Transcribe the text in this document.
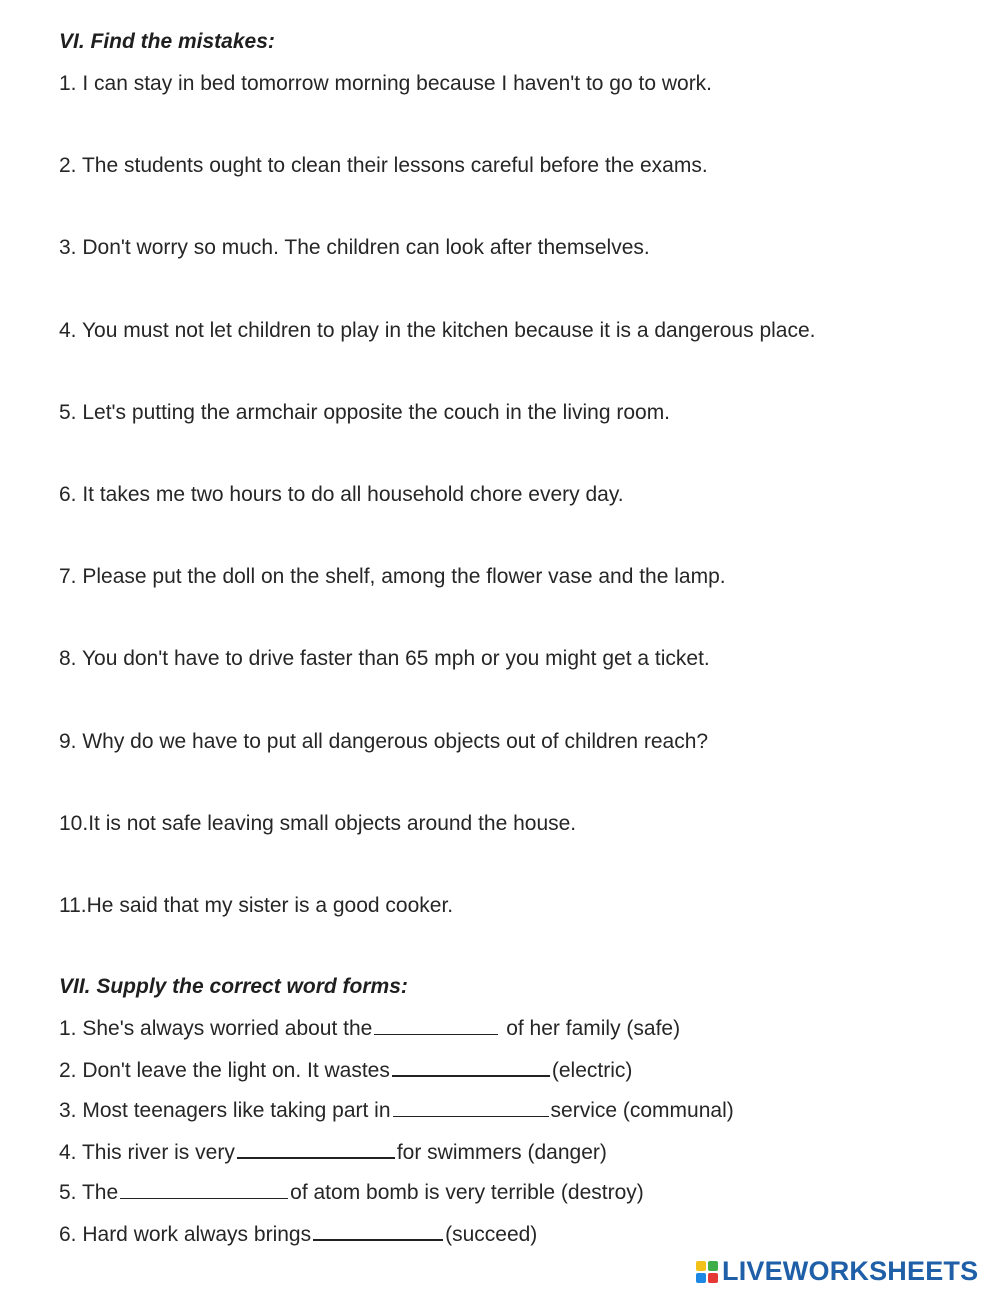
VI. Find the mistakes:
1. I can stay in bed tomorrow morning because I haven't to go to work.
2. The students ought to clean their lessons careful before the exams.
3. Don't worry so much. The children can look after themselves.
4. You must not let children to play in the kitchen because it is a dangerous place.
5. Let's putting the armchair opposite the couch in the living room.
6. It takes me two hours to do all household chore every day.
7. Please put the doll on the shelf, among the flower vase and the lamp.
8. You don't have to drive faster than 65 mph or you might get a ticket.
9. Why do we have to put all dangerous objects out of children reach?
10.It is not safe leaving small objects around the house.
11.He said that my sister is a good cooker.
VII. Supply the correct word forms:
1. She's always worried about the	of her family (safe)
2. Don't leave the light on. It wastes	(electric)
3. Most teenagers like taking part in	service (communal)
4. This river is very	for swimmers (danger)
5. The	of atom bomb is very terrible (destroy)
6. Hard work always brings	(succeed)
LIVEWORKSHEETS
